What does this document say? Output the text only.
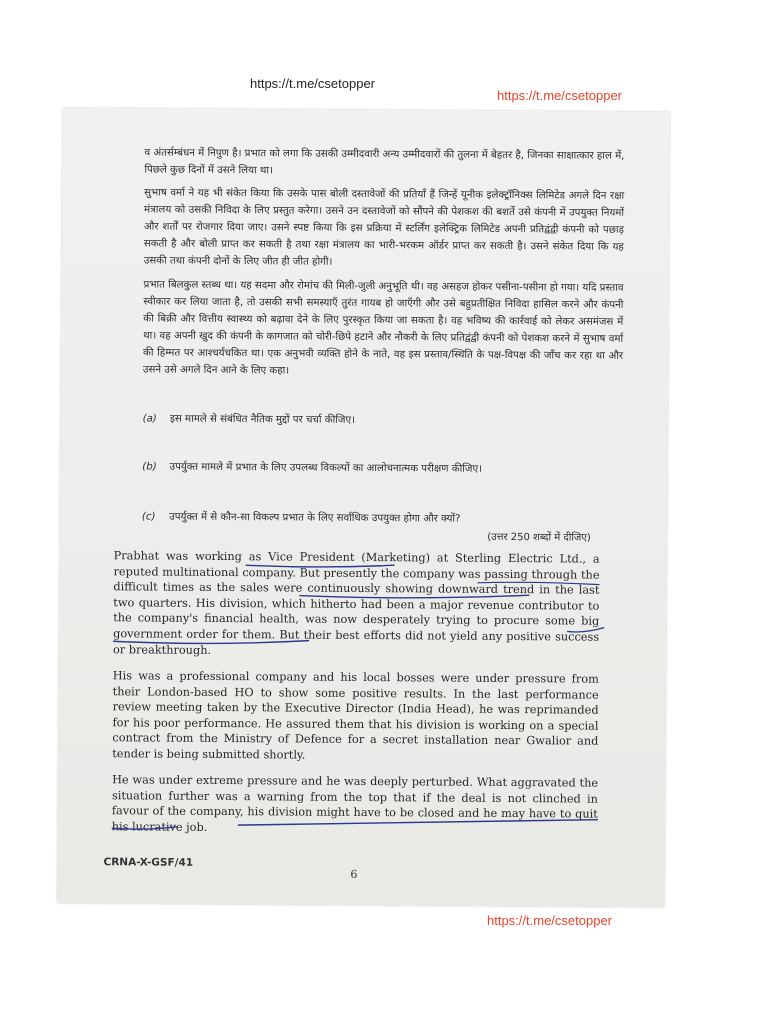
https://t.me/csetopper
https://t.me/csetopper

व अंतर्सम्बंधन में निपुण है। प्रभात को लगा कि उसकी उम्मीदवारी अन्य उम्मीदवारों की तुलना में बेहतर है, जिनका साक्षात्कार हाल में, पिछले कुछ दिनों में उसने लिया था।

सुभाष वर्मा ने यह भी संकेत किया कि उसके पास बोली दस्तावेजों की प्रतियाँ हैं जिन्हें यूनीक इलेक्ट्रॉनिक्स लिमिटेड अगले दिन रक्षा मंत्रालय को उसकी निविदा के लिए प्रस्तुत करेगा। उसने उन दस्तावेजों को सौंपने की पेशकश की बशर्ते उसे कंपनी में उपयुक्त नियमों और शर्तों पर रोजगार दिया जाए। उसने स्पष्ट किया कि इस प्रक्रिया में स्टर्लिंग इलेक्ट्रिक लिमिटेड अपनी प्रतिद्वंद्वी कंपनी को पछाड़ सकती है और बोली प्राप्त कर सकती है तथा रक्षा मंत्रालय का भारी-भरकम ऑर्डर प्राप्त कर सकती है। उसने संकेत दिया कि यह उसकी तथा कंपनी दोनों के लिए जीत ही जीत होगी।

प्रभात बिलकुल स्तब्ध था। यह सदमा और रोमांच की मिली-जुली अनुभूति थी। वह असहज होकर पसीना-पसीना हो गया। यदि प्रस्ताव स्वीकार कर लिया जाता है, तो उसकी सभी समस्याएँ तुरंत गायब हो जाएँगी और उसे बहुप्रतीक्षित निविदा हासिल करने और कंपनी की बिक्री और वित्तीय स्वास्थ्य को बढ़ावा देने के लिए पुरस्कृत किया जा सकता है। वह भविष्य की कार्रवाई को लेकर असमंजस में था। वह अपनी खुद की कंपनी के कागजात को चोरी-छिपे हटाने और नौकरी के लिए प्रतिद्वंद्वी कंपनी को पेशकश करने में सुभाष वर्मा की हिम्मत पर आश्चर्यचकित था। एक अनुभवी व्यक्ति होने के नाते, वह इस प्रस्ताव/स्थिति के पक्ष-विपक्ष की जाँच कर रहा था और उसने उसे अगले दिन आने के लिए कहा।

(a) इस मामले से संबंधित नैतिक मुद्दों पर चर्चा कीजिए।
(b) उपर्युक्त मामले में प्रभात के लिए उपलब्ध विकल्पों का आलोचनात्मक परीक्षण कीजिए।
(c) उपर्युक्त में से कौन-सा विकल्प प्रभात के लिए सर्वाधिक उपयुक्त होगा और क्यों?
(उत्तर 250 शब्दों में दीजिए)

Prabhat was working as Vice President (Marketing) at Sterling Electric Ltd., a reputed multinational company. But presently the company was passing through the difficult times as the sales were continuously showing downward trend in the last two quarters. His division, which hitherto had been a major revenue contributor to the company's financial health, was now desperately trying to procure some big government order for them. But their best efforts did not yield any positive success or breakthrough.

His was a professional company and his local bosses were under pressure from their London-based HO to show some positive results. In the last performance review meeting taken by the Executive Director (India Head), he was reprimanded for his poor performance. He assured them that his division is working on a special contract from the Ministry of Defence for a secret installation near Gwalior and tender is being submitted shortly.

He was under extreme pressure and he was deeply perturbed. What aggravated the situation further was a warning from the top that if the deal is not clinched in favour of the company, his division might have to be closed and he may have to quit his lucrative job.

CRNA-X-GSF/41
6
https://t.me/csetopper
